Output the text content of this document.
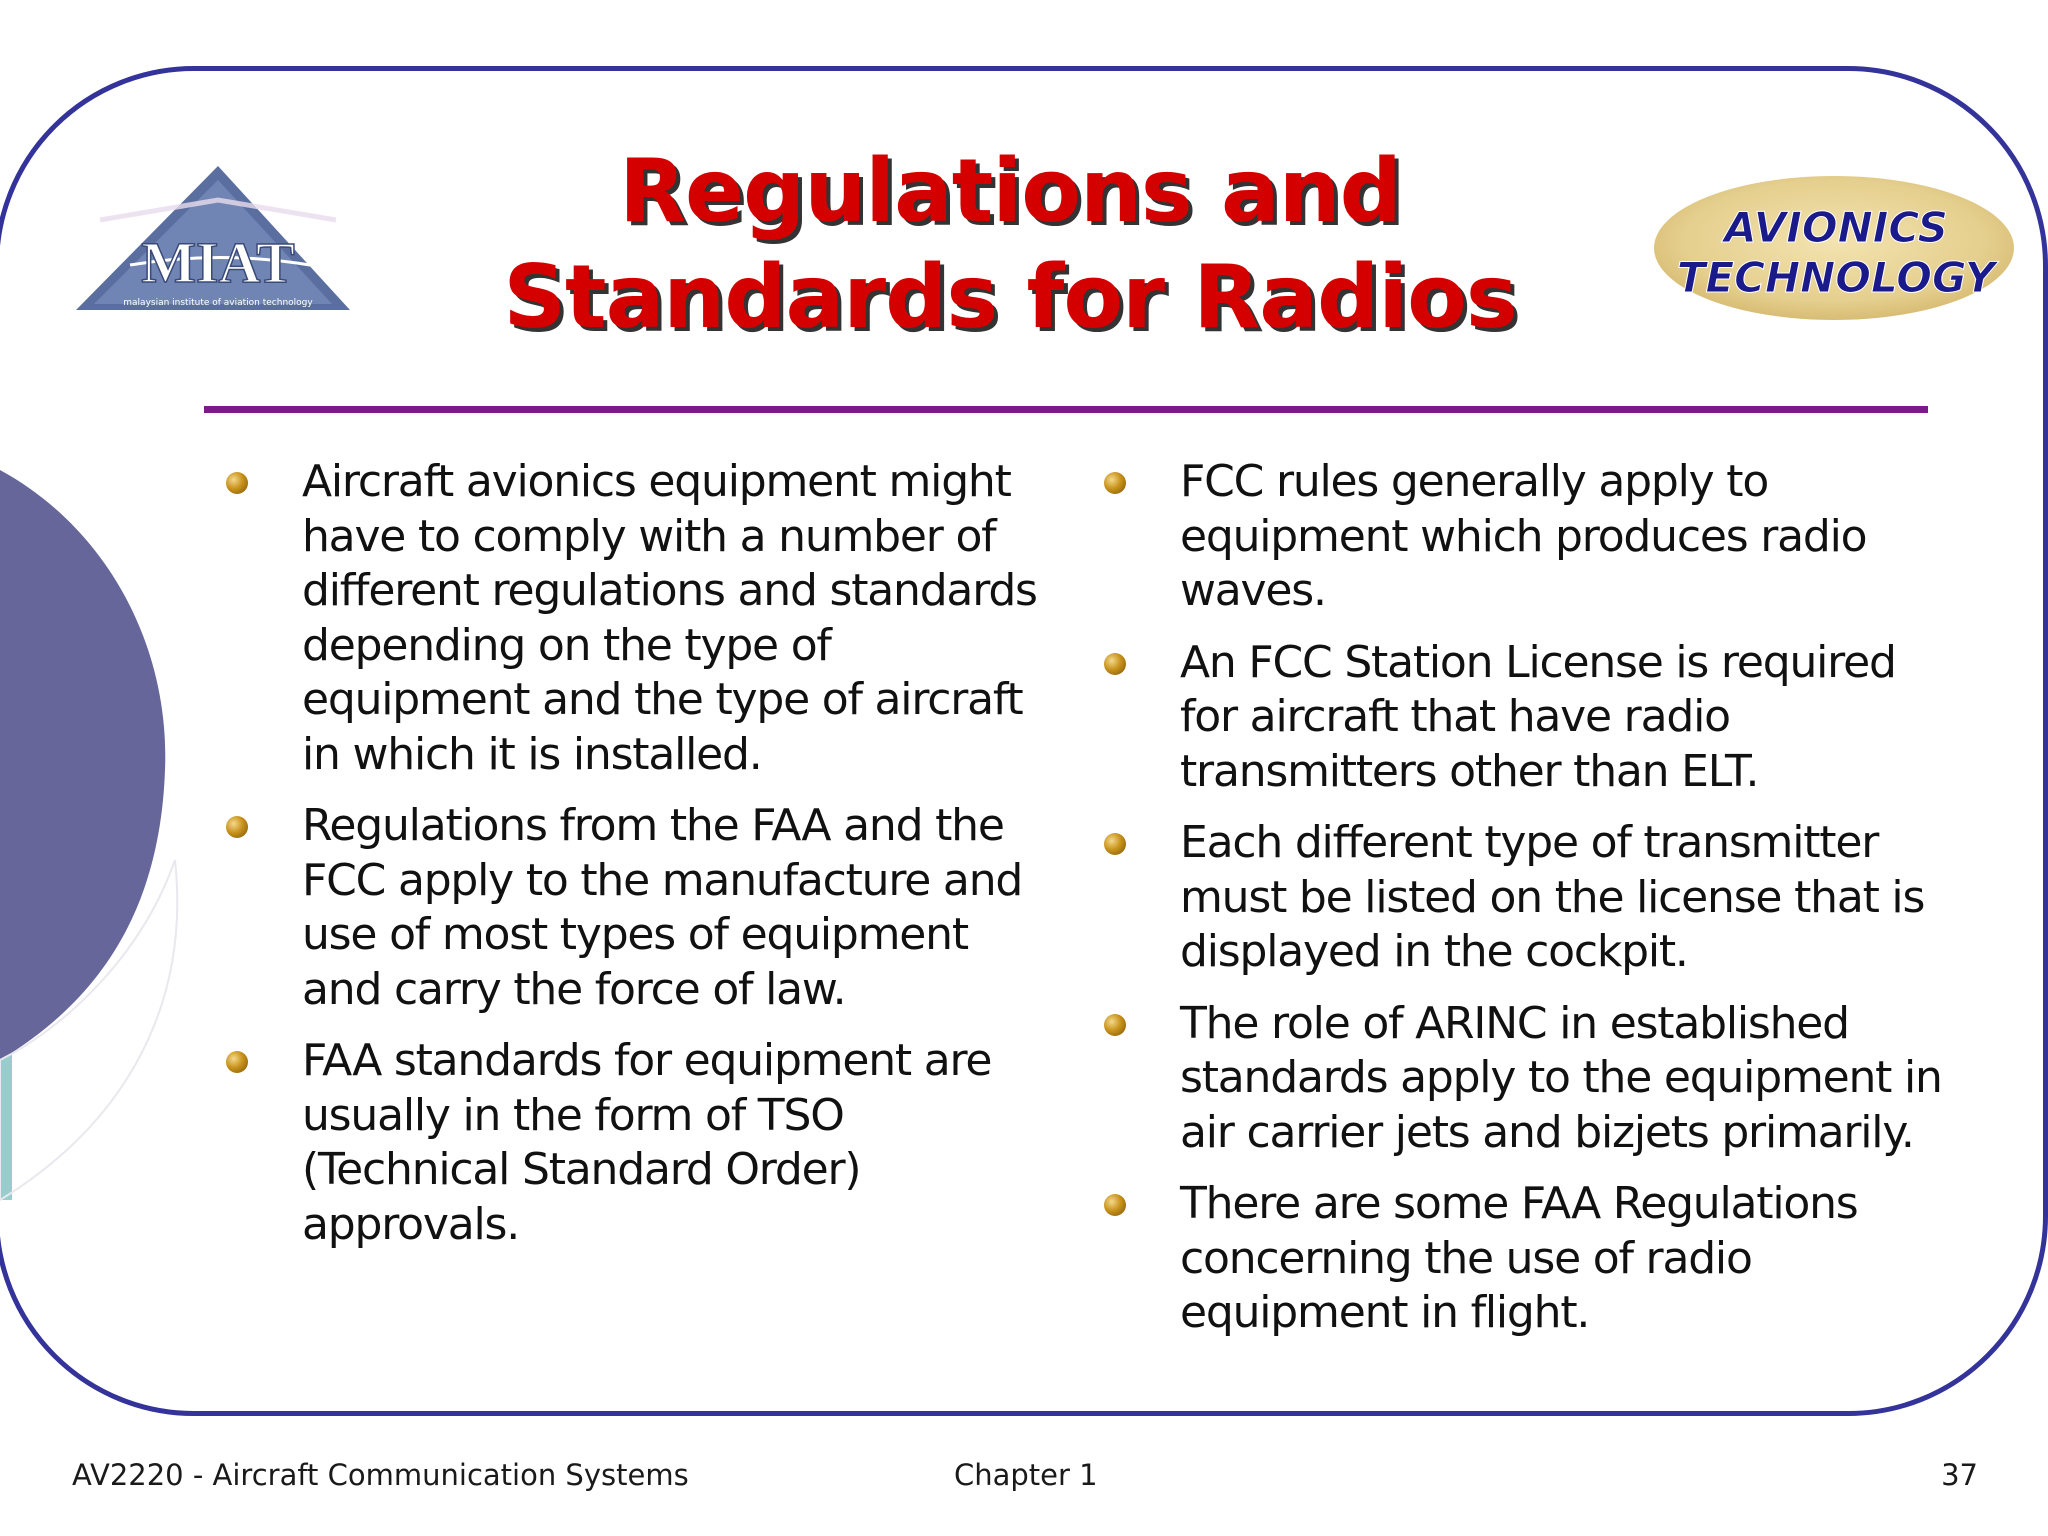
MIAT
malaysian institute of aviation technology
Regulations and
Standards for Radios
AVIONICS
TECHNOLOGY
Aircraft avionics equipment might have to comply with a number of different regulations and standards depending on the type of equipment and the type of aircraft in which it is installed.
Regulations from the FAA and the FCC apply to the manufacture and use of most types of equipment and carry the force of law.
FAA standards for equipment are usually in the form of TSO (Technical Standard Order) approvals.
FCC rules generally apply to equipment which produces radio waves.
An FCC Station License is required for aircraft that have radio transmitters other than ELT.
Each different type of transmitter must be listed on the license that is displayed in the cockpit.
The role of ARINC in established standards apply to the equipment in air carrier jets and bizjets primarily.
There are some FAA Regulations concerning the use of radio equipment in flight.
AV2220 - Aircraft Communication Systems	Chapter 1	37
